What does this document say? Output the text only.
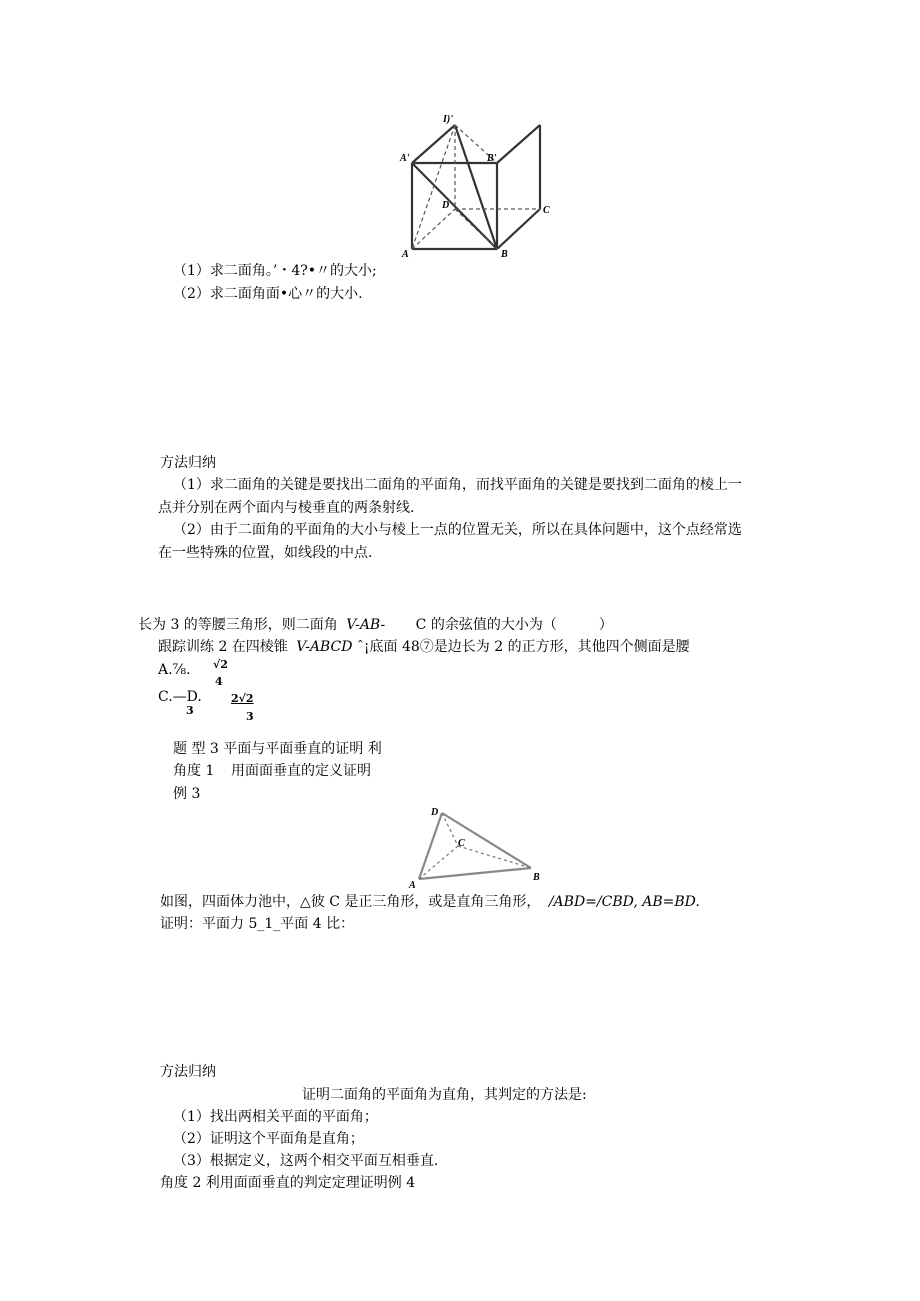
I)'
A'	B'
D	C
A	B
（1）求二面角。’・4?•〃的大小;
（2）求二面角面•心〃的大小.
方法归纳
（1）求二面角的关键是要找出二面角的平面角，而找平面角的关键是要找到二面角的棱上一
点并分别在两个面内与棱垂直的两条射线.
（2）由于二面角的平面角的大小与棱上一点的位置无关，所以在具体问题中，这个点经常选
在一些特殊的位置，如线段的中点.
长为 3 的等腰三角形，则二面角 V-AB- C 的余弦值的大小为（　　　）
跟踪训练 2 在四棱锥 V-ABCD ˆ¡底面 48⑦是边长为 2 的正方形，其他四个侧面是腰
A.⅞. √2
4
C.—D.
3
2√2
3
题 型 3 平面与平面垂直的证明 利
角度 1 用面面垂直的定义证明
例 3
D
C
B
A
如图，四面体力池中，△彼 C 是正三角形，或是直角三角形， /ABD=/CBD, AB=BD.
证明：平面力 5_1_平面 4 比：
方法归纳
证明二面角的平面角为直角，其判定的方法是:
（1）找出两相关平面的平面角；
（2）证明这个平面角是直角；
（3）根据定义，这两个相交平面互相垂直.
角度 2 利用面面垂直的判定定理证明例 4
